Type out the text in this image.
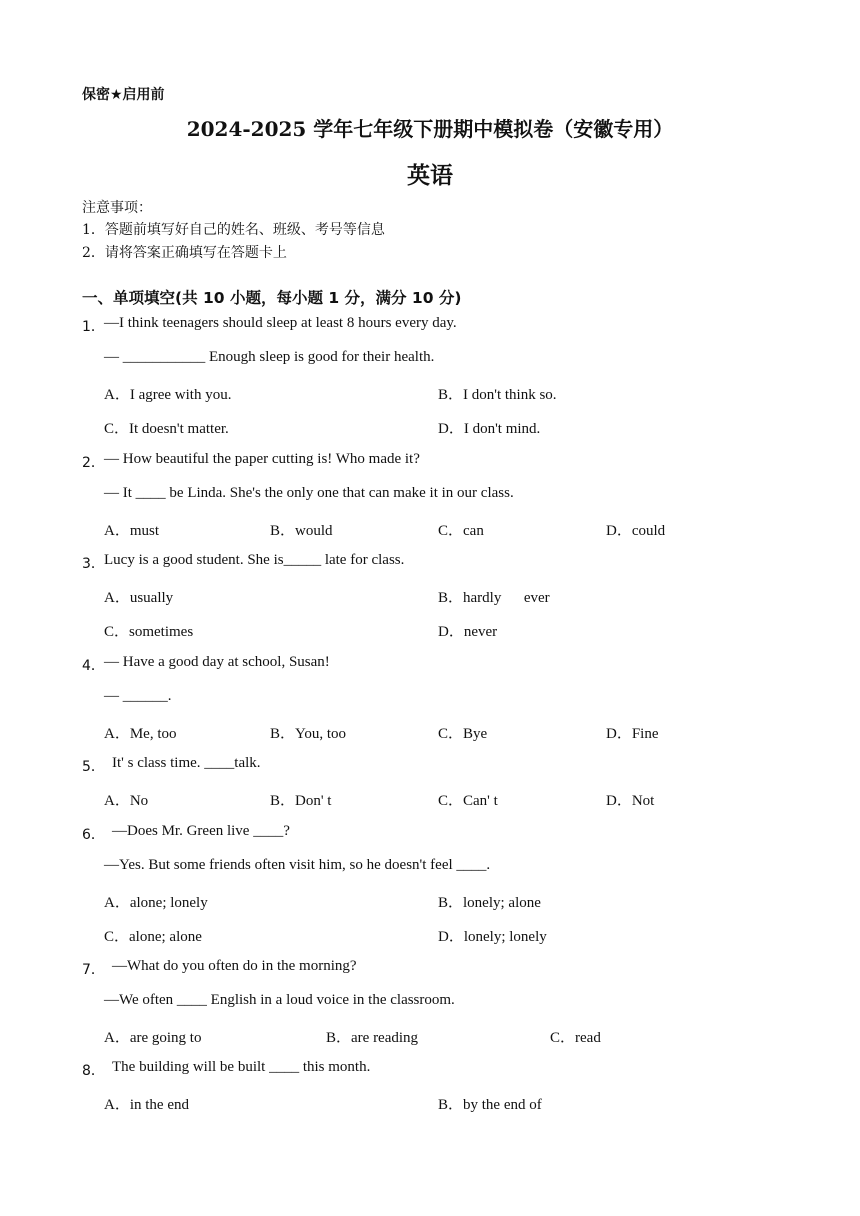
保密★启用前
2024-2025 学年七年级下册期中模拟卷（安徽专用）
英语
注意事项：
1．答题前填写好自己的姓名、班级、考号等信息
2．请将答案正确填写在答题卡上
一、单项填空(共 10 小题，每小题 1 分，满分 10 分)
1． —I think teenagers should sleep at least 8 hours every day.
— ___________ Enough sleep is good for their health.
A．I agree with you.	B．I don't think so.
C．It doesn't matter.	D．I don't mind.
2． — How beautiful the paper cutting is! Who made it?
— It ____ be Linda. She's the only one that can make it in our class.
A．must	B．would	C．can	D．could
3． Lucy is a good student. She is_____ late for class.
A．usually	B．hardly      ever
C．sometimes	D．never
4． — Have a good day at school, Susan!
— ______.
A．Me, too	B．You, too	C．Bye	D．Fine
5． It' s class time. ____talk.
A．No	B．Don' t	C．Can' t	D．Not
6． —Does Mr. Green live ____?
—Yes. But some friends often visit him, so he doesn't feel ____.
A．alone; lonely	B．lonely; alone
C．alone; alone	D．lonely; lonely
7． —What do you often do in the morning?
—We often ____ English in a loud voice in the classroom.
A．are going to	B．are reading	C．read
8． The building will be built ____ this month.
A．in the end	B．by the end of
